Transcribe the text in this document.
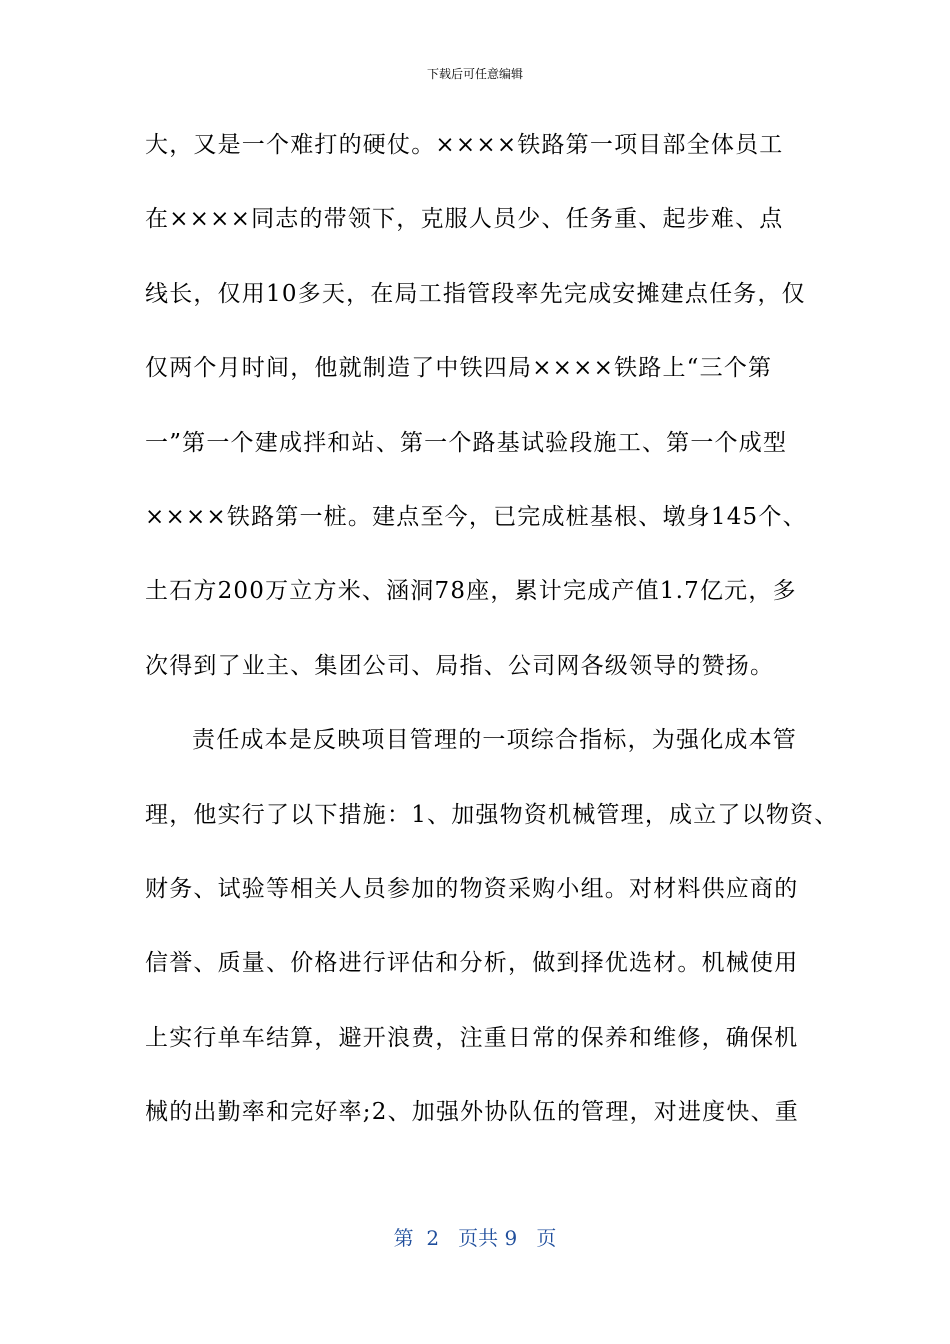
下载后可任意编辑
大，又是一个难打的硬仗。××××铁路第一项目部全体员工
在××××同志的带领下，克服人员少、任务重、起步难、点
线长，仅用10多天，在局工指管段率先完成安摊建点任务，仅
仅两个月时间，他就制造了中铁四局××××铁路上“三个第
一”第一个建成拌和站、第一个路基试验段施工、第一个成型
××××铁路第一桩。建点至今，已完成桩基根、墩身145个、
土石方200万立方米、涵洞78座，累计完成产值1.7亿元，多
次得到了业主、集团公司、局指、公司网各级领导的赞扬。
责任成本是反映项目管理的一项综合指标，为强化成本管
理，他实行了以下措施：1、加强物资机械管理，成立了以物资、
财务、试验等相关人员参加的物资采购小组。对材料供应商的
信誉、质量、价格进行评估和分析，做到择优选材。机械使用
上实行单车结算，避开浪费，注重日常的保养和维修，确保机
械的出勤率和完好率;2、加强外协队伍的管理，对进度快、重
第  2   页共 9   页
